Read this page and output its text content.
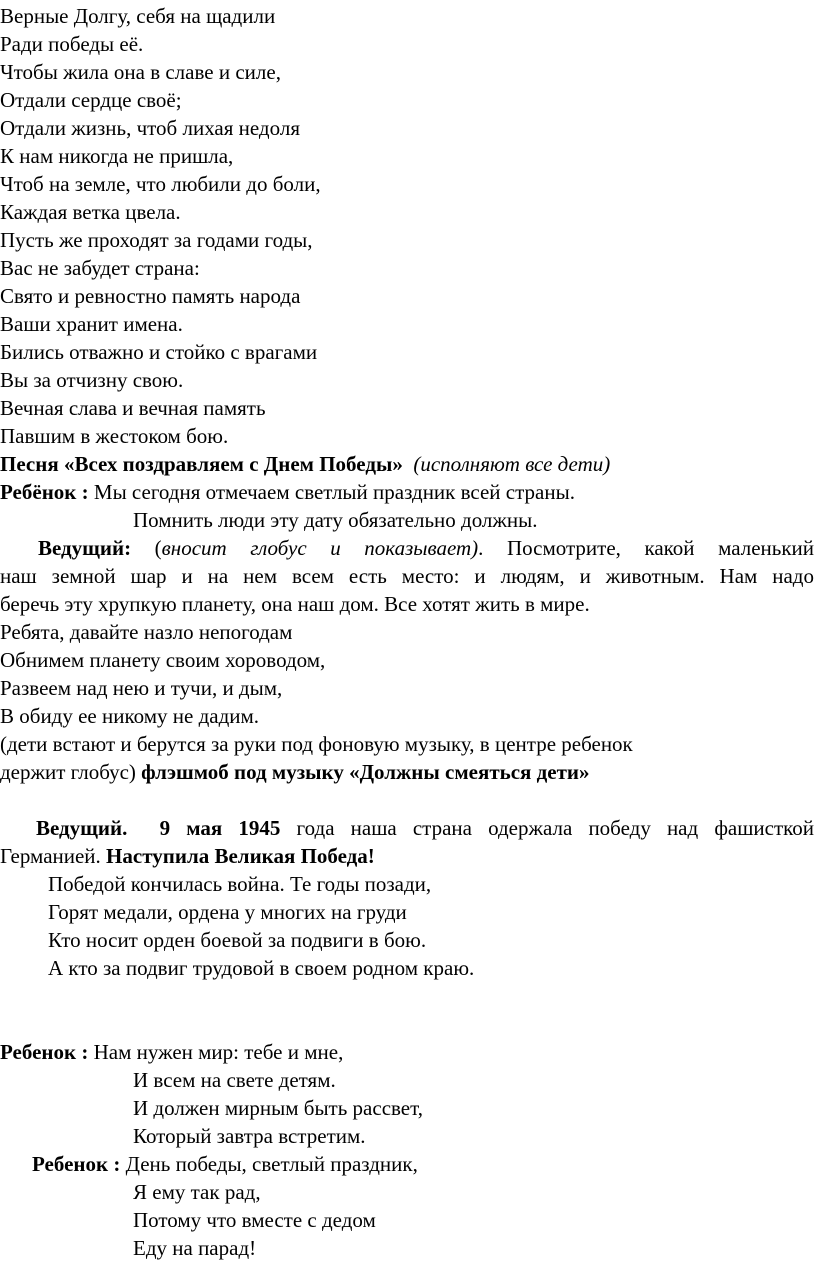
Верные Долгу, себя на щадили
Ради победы её.
Чтобы жила она в славе и силе,
Отдали сердце своё;
Отдали жизнь, чтоб лихая недоля
К нам никогда не пришла,
Чтоб на земле, что любили до боли,
Каждая ветка цвела.
Пусть же проходят за годами годы,
Вас не забудет страна:
Свято и ревностно память народа
Ваши хранит имена.
Бились отважно и стойко с врагами
Вы за отчизну свою.
Вечная слава и вечная память
Павшим в жестоком бою.
Песня «Всех поздравляем с Днем Победы» (исполняют все дети)
Ребёнок : Мы сегодня отмечаем светлый праздник всей страны.
Помнить люди эту дату обязательно должны.
Ведущий: (вносит глобус и показывает). Посмотрите, какой маленький
наш земной шар и на нем всем есть место: и людям, и животным. Нам надо
беречь эту хрупкую планету, она наш дом. Все хотят жить в мире.
Ребята, давайте назло непогодам
Обнимем планету своим хороводом,
Развеем над нею и тучи, и дым,
В обиду ее никому не дадим.
(дети встают и берутся за руки под фоновую музыку, в центре ребенок
держит глобус) флэшмоб под музыку «Должны смеяться дети»
Ведущий. 9 мая 1945 года наша страна одержала победу над фашисткой
Германией. Наступила Великая Победа!
Победой кончилась война. Те годы позади,
Горят медали, ордена у многих на груди
Кто носит орден боевой за подвиги в бою.
А кто за подвиг трудовой в своем родном краю.
Ребенок : Нам нужен мир: тебе и мне,
И всем на свете детям.
И должен мирным быть рассвет,
Который завтра встретим.
Ребенок : День победы, светлый праздник,
Я ему так рад,
Потому что вместе с дедом
Еду на парад!
